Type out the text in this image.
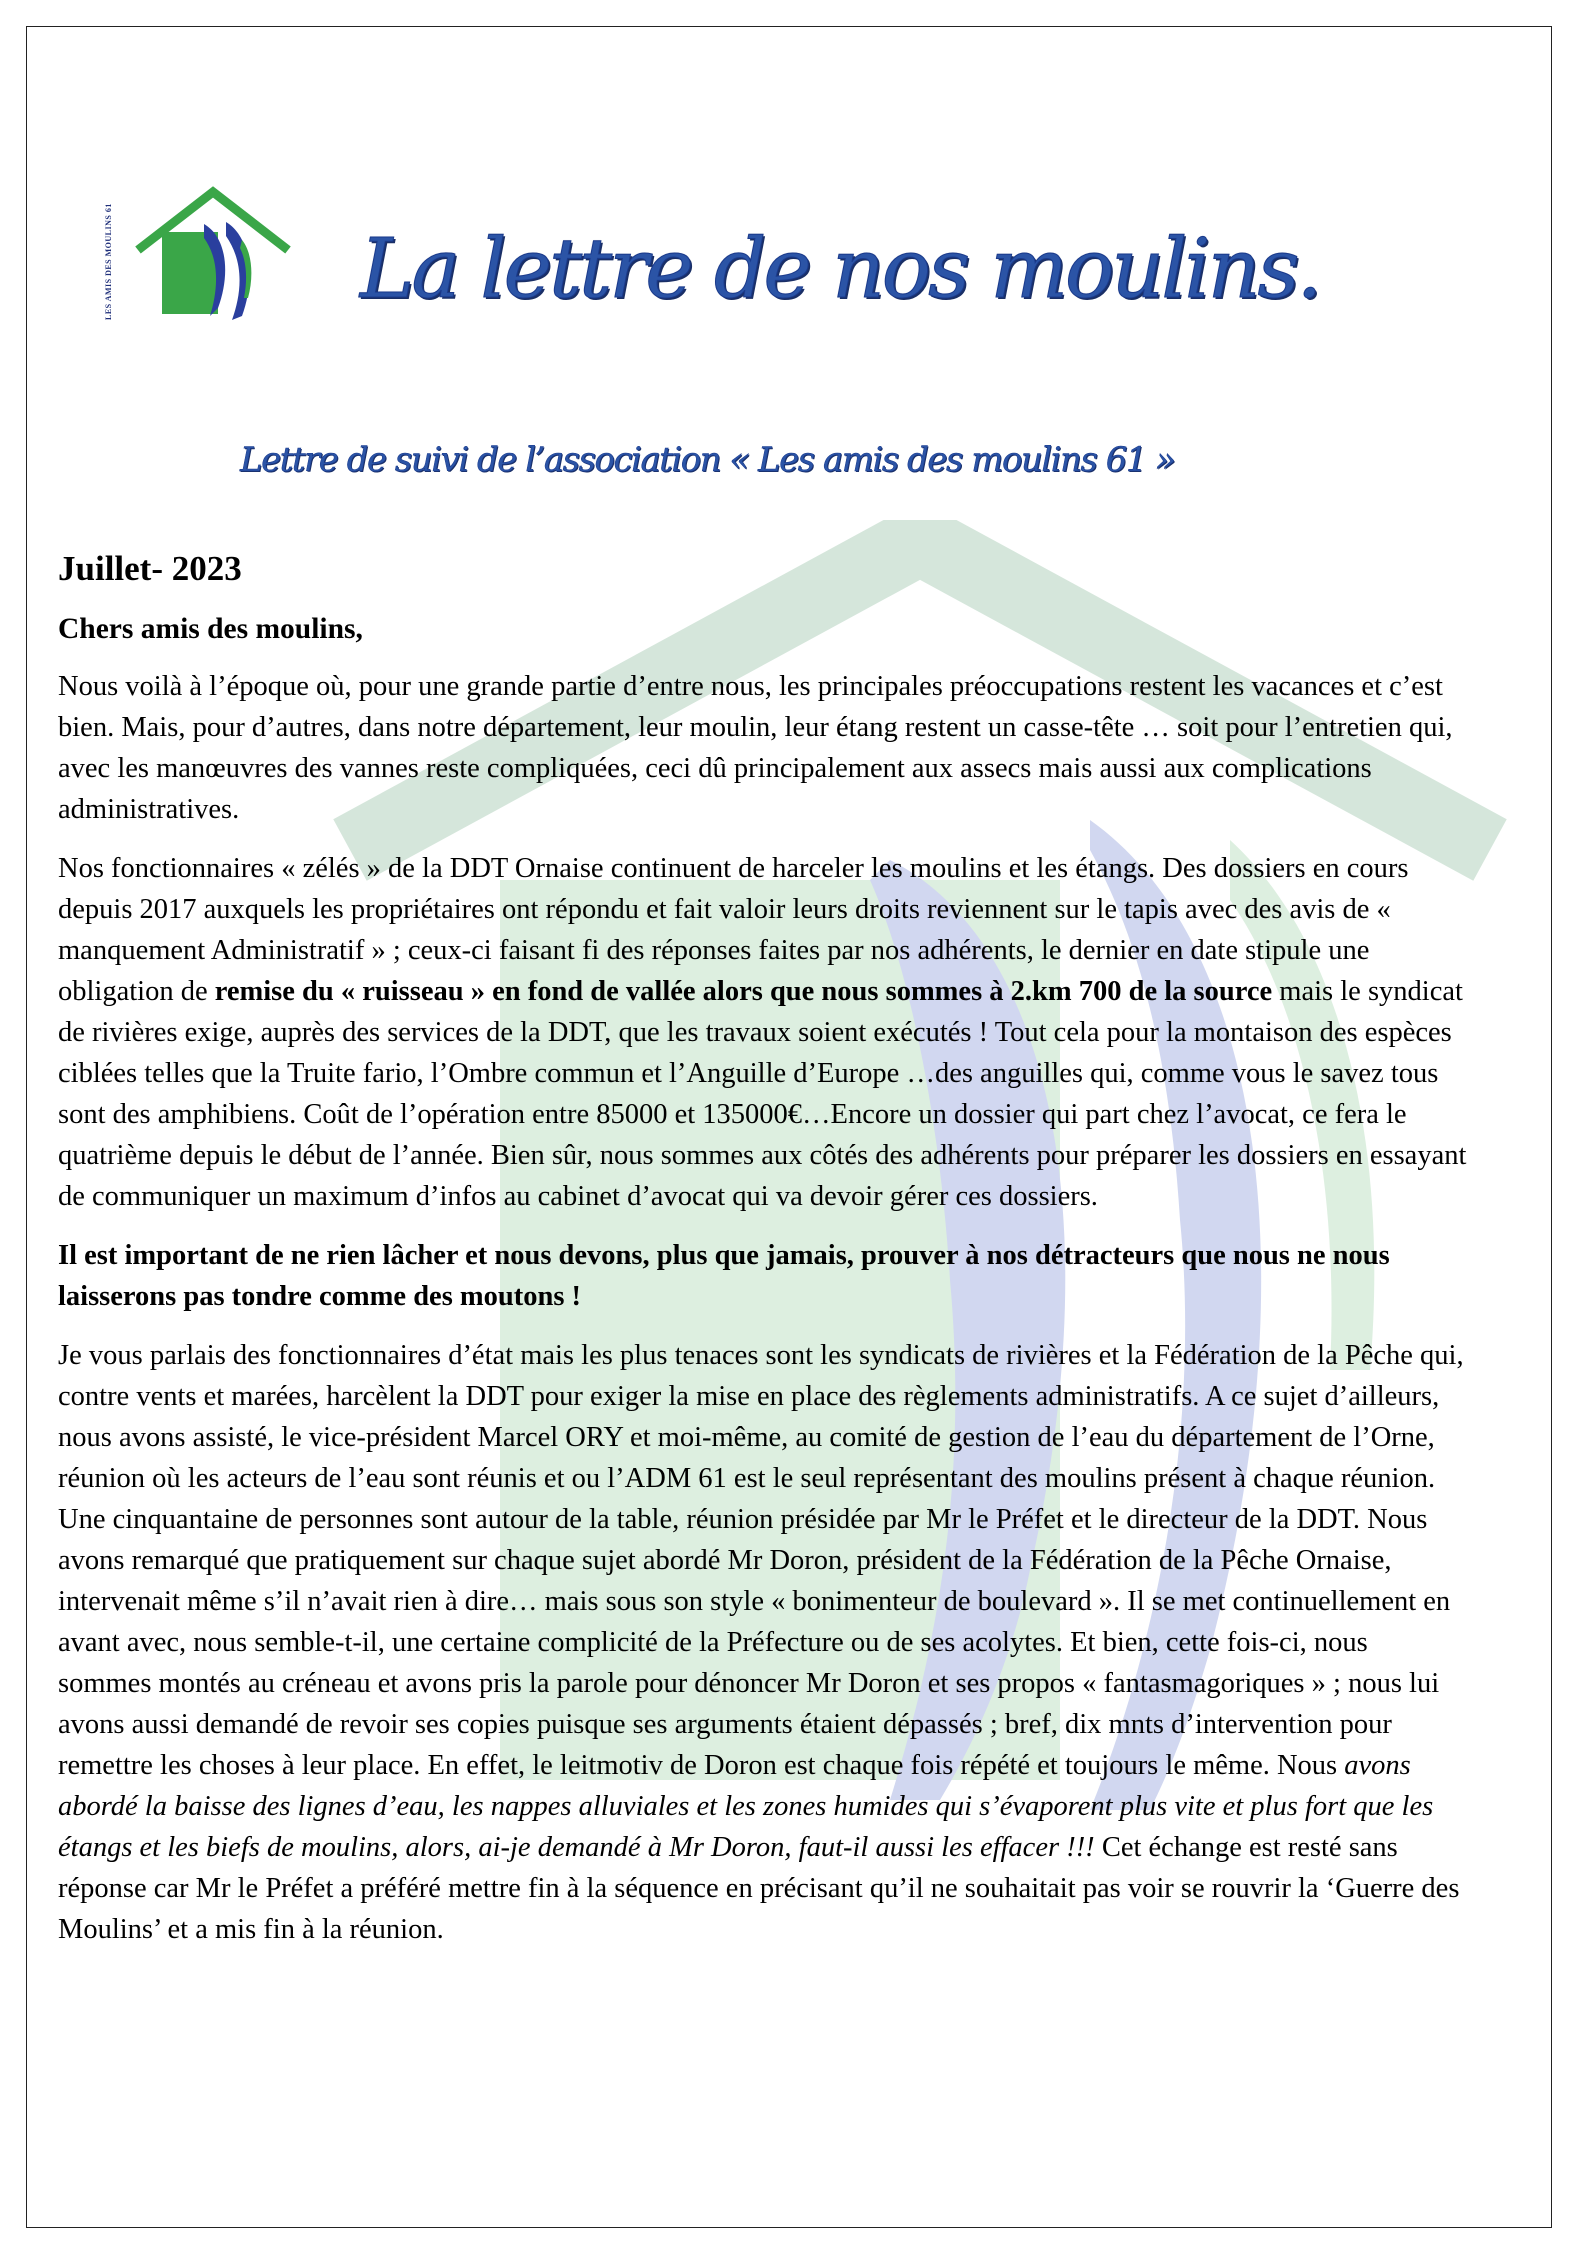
LES AMIS DES MOULINS 61	La lettre de nos moulins.
Lettre de suivi de l’association « Les amis des moulins 61 »
Juillet- 2023
Chers amis des moulins,

Nous voilà à l’époque où, pour une grande partie d’entre nous, les principales préoccupations restent les vacances et c’est bien. Mais, pour d’autres, dans notre département, leur moulin, leur étang restent un casse-tête … soit pour l’entretien qui, avec les manœuvres des vannes reste compliquées, ceci dû principalement aux assecs mais aussi aux complications administratives.

Nos fonctionnaires « zélés » de la DDT Ornaise continuent de harceler les moulins et les étangs. Des dossiers en cours depuis 2017 auxquels les propriétaires ont répondu et fait valoir leurs droits reviennent sur le tapis avec des avis de « manquement Administratif » ; ceux-ci faisant fi des réponses faites par nos adhérents, le dernier en date stipule une obligation de remise du « ruisseau » en fond de vallée alors que nous sommes à 2.km 700 de la source mais le syndicat de rivières exige, auprès des services de la DDT, que les travaux soient exécutés ! Tout cela pour la montaison des espèces ciblées telles que la Truite fario, l’Ombre commun et l’Anguille d’Europe …des anguilles qui, comme vous le savez tous sont des amphibiens. Coût de l’opération entre 85000 et 135000€…Encore un dossier qui part chez l’avocat, ce fera le quatrième depuis le début de l’année. Bien sûr, nous sommes aux côtés des adhérents pour préparer les dossiers en essayant de communiquer un maximum d’infos au cabinet d’avocat qui va devoir gérer ces dossiers.

Il est important de ne rien lâcher et nous devons, plus que jamais, prouver à nos détracteurs que nous ne nous laisserons pas tondre comme des moutons !

Je vous parlais des fonctionnaires d’état mais les plus tenaces sont les syndicats de rivières et la Fédération de la Pêche qui, contre vents et marées, harcèlent la DDT pour exiger la mise en place des règlements administratifs. A ce sujet d’ailleurs, nous avons assisté, le vice-président Marcel ORY et moi-même, au comité de gestion de l’eau du département de l’Orne, réunion où les acteurs de l’eau sont réunis et ou l’ADM 61 est le seul représentant des moulins présent à chaque réunion. Une cinquantaine de personnes sont autour de la table, réunion présidée par Mr le Préfet et le directeur de la DDT. Nous avons remarqué que pratiquement sur chaque sujet abordé Mr Doron, président de la Fédération de la Pêche Ornaise, intervenait même s’il n’avait rien à dire… mais sous son style « bonimenteur de boulevard ». Il se met continuellement en avant avec, nous semble-t-il, une certaine complicité de la Préfecture ou de ses acolytes. Et bien, cette fois-ci, nous sommes montés au créneau et avons pris la parole pour dénoncer Mr Doron et ses propos « fantasmagoriques » ; nous lui avons aussi demandé de revoir ses copies puisque ses arguments étaient dépassés ; bref, dix mnts d’intervention pour remettre les choses à leur place. En effet, le leitmotiv de Doron est chaque fois répété et toujours le même. Nous avons abordé la baisse des lignes d’eau, les nappes alluviales et les zones humides qui s’évaporent plus vite et plus fort que les étangs et les biefs de moulins, alors, ai-je demandé à Mr Doron, faut-il aussi les effacer !!! Cet échange est resté sans réponse car Mr le Préfet a préféré mettre fin à la séquence en précisant qu’il ne souhaitait pas voir se rouvrir la ‘Guerre des Moulins’ et a mis fin à la réunion.
